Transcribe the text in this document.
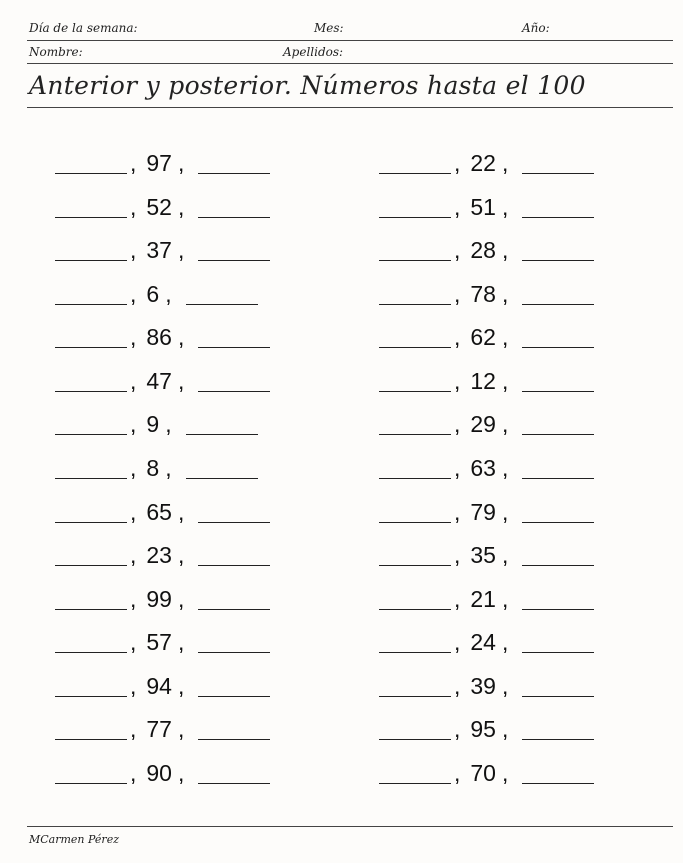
Día de la semana:	Mes:	Año:
Nombre:	Apellidos:
Anterior y posterior. Números hasta el 100
, 97 ,
, 52 ,
, 37 ,
, 6 ,
, 86 ,
, 47 ,
, 9 ,
, 8 ,
, 65 ,
, 23 ,
, 99 ,
, 57 ,
, 94 ,
, 77 ,
, 90 ,
, 22 ,
, 51 ,
, 28 ,
, 78 ,
, 62 ,
, 12 ,
, 29 ,
, 63 ,
, 79 ,
, 35 ,
, 21 ,
, 24 ,
, 39 ,
, 95 ,
, 70 ,
MCarmen Pérez
